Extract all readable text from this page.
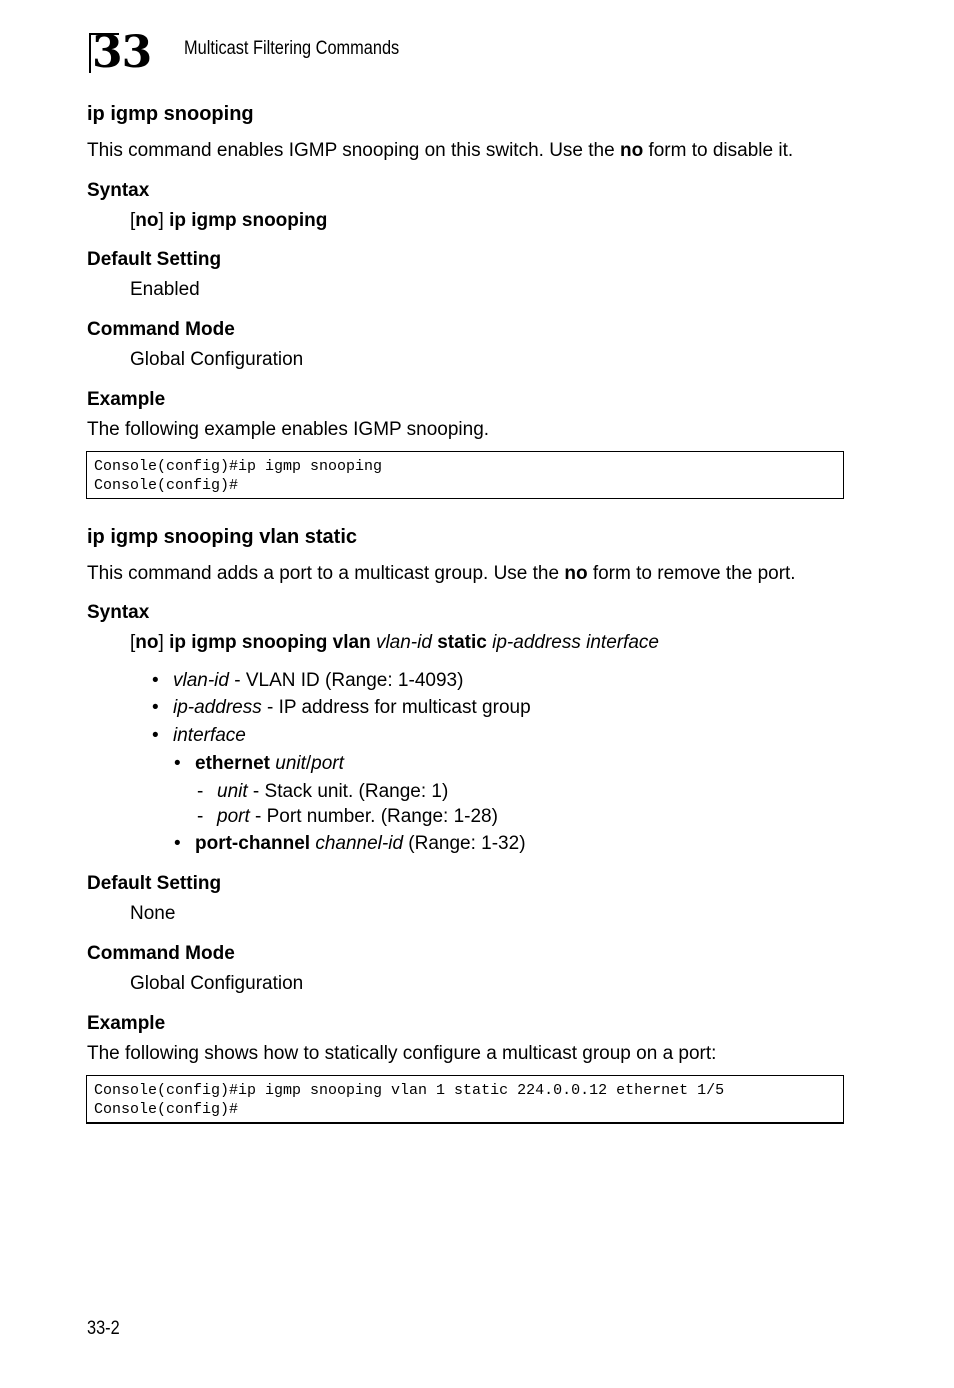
33 Multicast Filtering Commands
ip igmp snooping
This command enables IGMP snooping on this switch. Use the no form to disable it.
Syntax
[no] ip igmp snooping
Default Setting
Enabled
Command Mode
Global Configuration
Example
The following example enables IGMP snooping.
Console(config)#ip igmp snooping
Console(config)#
ip igmp snooping vlan static
This command adds a port to a multicast group. Use the no form to remove the port.
Syntax
[no] ip igmp snooping vlan vlan-id static ip-address interface
• vlan-id - VLAN ID (Range: 1-4093)
• ip-address - IP address for multicast group
• interface
• ethernet unit/port
- unit - Stack unit. (Range: 1)
- port - Port number. (Range: 1-28)
• port-channel channel-id (Range: 1-32)
Default Setting
None
Command Mode
Global Configuration
Example
The following shows how to statically configure a multicast group on a port:
Console(config)#ip igmp snooping vlan 1 static 224.0.0.12 ethernet 1/5
Console(config)#
33-2
